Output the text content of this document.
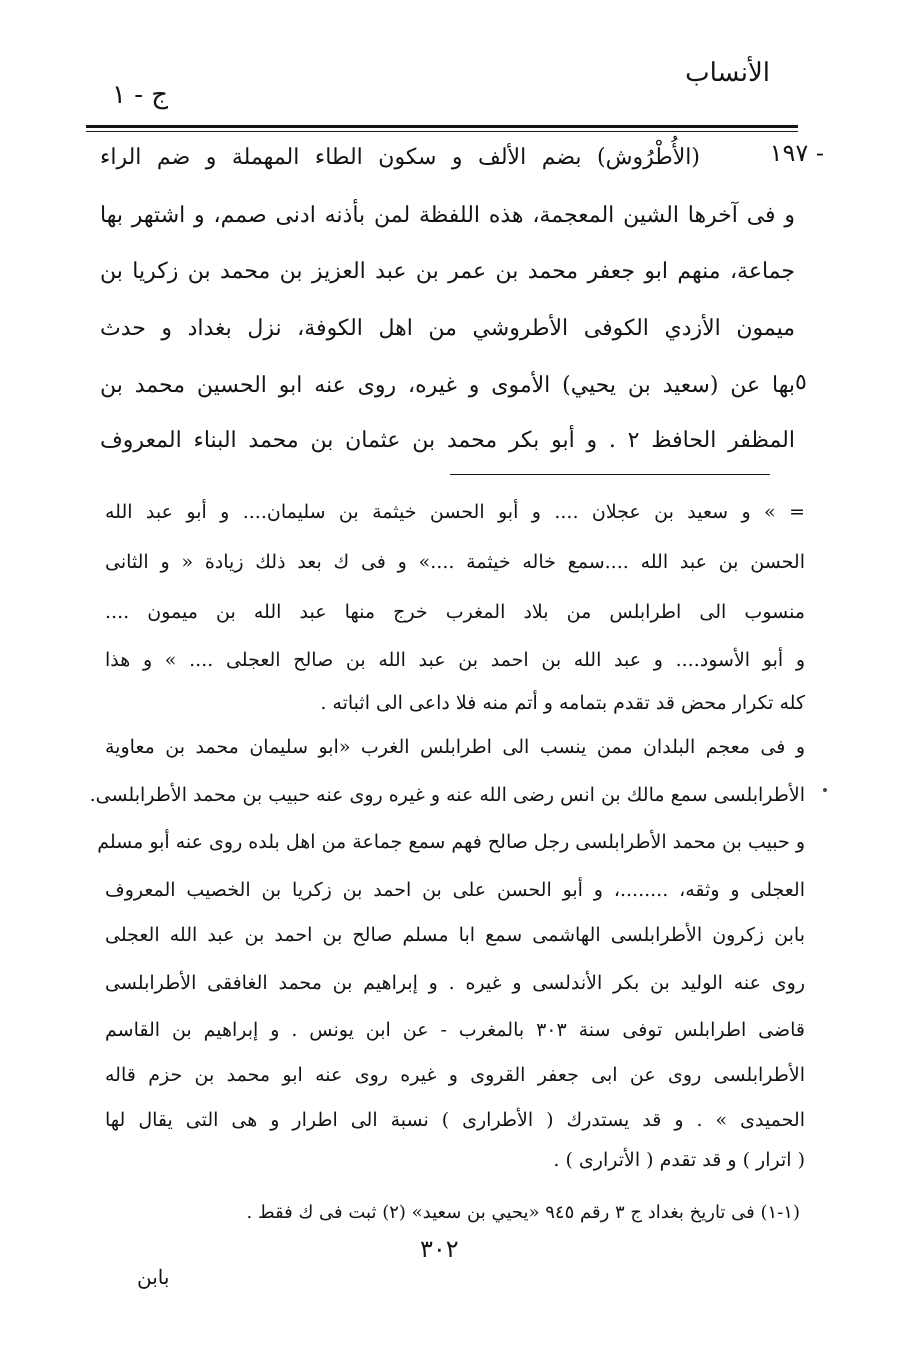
الأنساب
ج - ١
١٩٧ -
(الأُطْرُوش) بضم الألف و سكون الطاء المهملة و ضم الراء
و فى آخرها الشين المعجمة، هذه اللفظة لمن بأذنه ادنى صمم، و اشتهر بها
جماعة، منهم ابو جعفر محمد بن عمر بن عبد العزيز بن محمد بن زكريا بن
ميمون الأزدي الكوفى الأطروشي من اهل الكوفة، نزل بغداد و حدث
بها عن (سعيد بن يحيي) الأموى و غيره، روى عنه ابو الحسين محمد بن ٥
المظفر الحافظ ٢ . و أبو بكر محمد بن عثمان بن محمد البناء المعروف
= » و سعيد بن عجلان .... و أبو الحسن خيثمة بن سليمان.... و أبو عبد الله
الحسن بن عبد الله ....سمع خاله خيثمة ....» و فى ك بعد ذلك زيادة « و الثانى
منسوب الى اطرابلس من بلاد المغرب خرج منها عبد الله بن ميمون ....
و أبو الأسود.... و عبد الله بن احمد بن عبد الله بن صالح العجلى .... » و هذا
كله تكرار محض قد تقدم بتمامه و أتم منه فلا داعى الى اثباته .
و فى معجم البلدان ممن ينسب الى اطرابلس الغرب «ابو سليمان محمد بن معاوية
الأطرابلسى سمع مالك بن انس رضى الله عنه و غيره روى عنه حبيب بن محمد الأطرابلسى.
و حبيب بن محمد الأطرابلسى رجل صالح فهم سمع جماعة من اهل بلده روى عنه أبو مسلم
العجلى و وثقه، ........، و أبو الحسن على بن احمد بن زكريا بن الخصيب المعروف
بابن زكرون الأطرابلسى الهاشمى سمع ابا مسلم صالح بن احمد بن عبد الله العجلى
روى عنه الوليد بن بكر الأندلسى و غيره . و إبراهيم بن محمد الغافقى الأطرابلسى
قاضى اطرابلس توفى سنة ٣٠٣ بالمغرب - عن ابن يونس . و إبراهيم بن القاسم
الأطرابلسى روى عن ابى جعفر القروى و غيره روى عنه ابو محمد بن حزم قاله
الحميدى » . و قد يستدرك ( الأطرارى ) نسبة الى اطرار و هى التى يقال لها
( اترار ) و قد تقدم ( الأترارى ) .
(١-١) فى تاريخ بغداد ج ٣ رقم ٩٤٥ «يحيي بن سعيد» (٢) ثبت فى ك فقط .
٣٠٢
بابن
